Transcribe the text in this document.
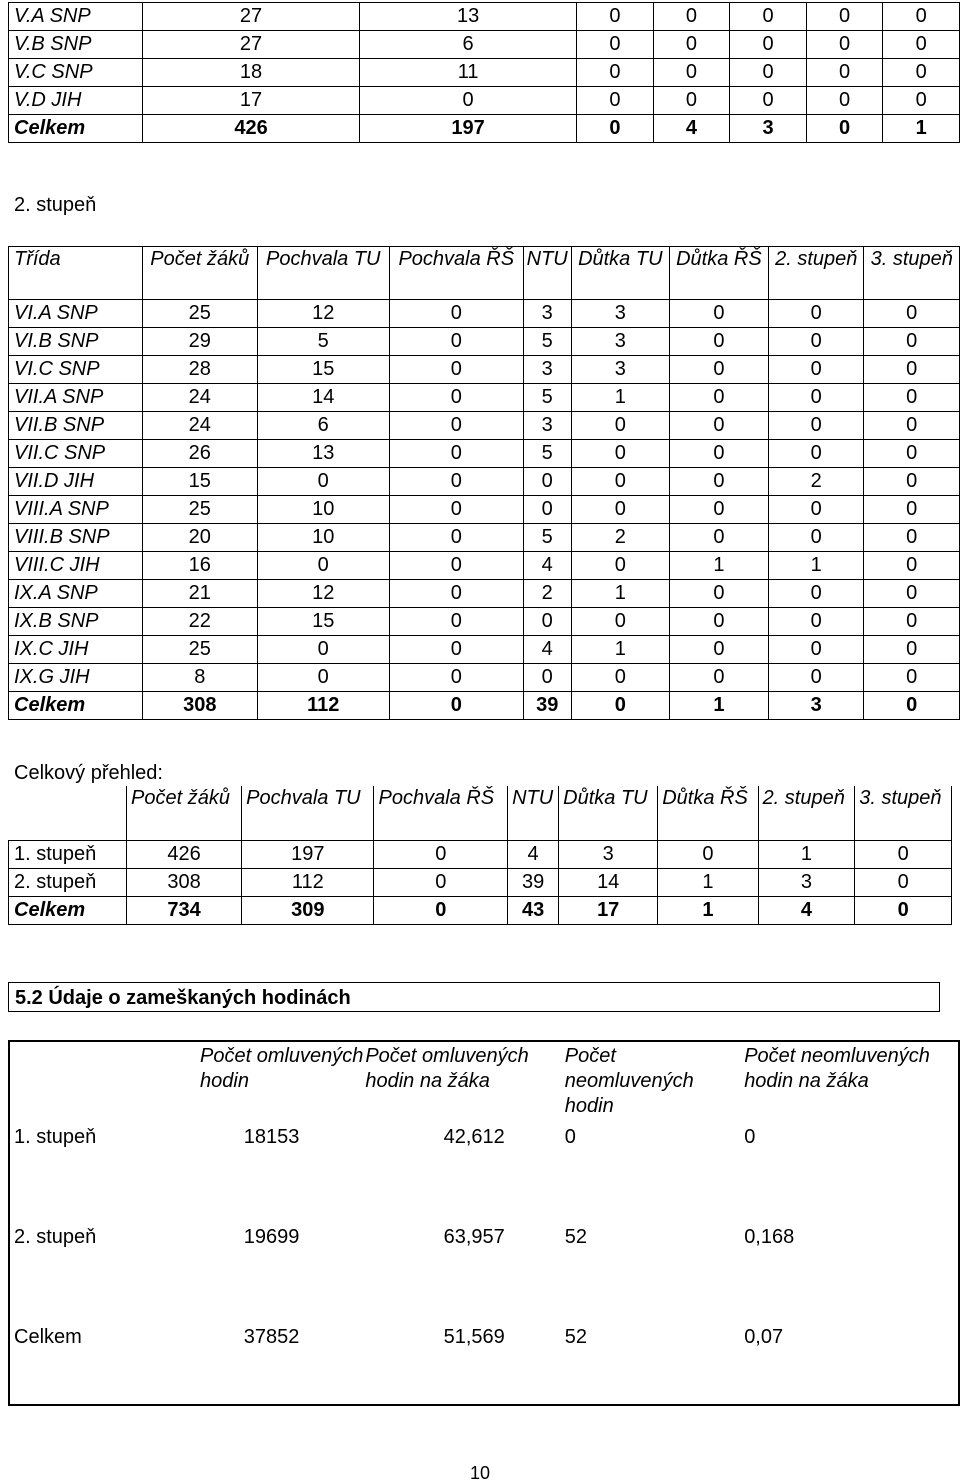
V.A SNP	27	13	0	0	0	0	0
V.B SNP	27	6	0	0	0	0	0
V.C SNP	18	11	0	0	0	0	0
V.D JIH	17	0	0	0	0	0	0
Celkem	426	197	0	4	3	0	1
2. stupeň
Třída	Počet žáků	Pochvala TU	Pochvala ŘŠ	NTU	Důtka TU	Důtka ŘŠ	2. stupeň	3. stupeň
VI.A SNP	25	12	0	3	3	0	0	0
VI.B SNP	29	5	0	5	3	0	0	0
VI.C SNP	28	15	0	3	3	0	0	0
VII.A SNP	24	14	0	5	1	0	0	0
VII.B SNP	24	6	0	3	0	0	0	0
VII.C SNP	26	13	0	5	0	0	0	0
VII.D JIH	15	0	0	0	0	0	2	0
VIII.A SNP	25	10	0	0	0	0	0	0
VIII.B SNP	20	10	0	5	2	0	0	0
VIII.C JIH	16	0	0	4	0	1	1	0
IX.A SNP	21	12	0	2	1	0	0	0
IX.B SNP	22	15	0	0	0	0	0	0
IX.C JIH	25	0	0	4	1	0	0	0
IX.G JIH	8	0	0	0	0	0	0	0
Celkem	308	112	0	39	0	1	3	0
Celkový přehled:
	Počet žáků	Pochvala TU	Pochvala ŘŠ	NTU	Důtka TU	Důtka ŘŠ	2. stupeň	3. stupeň
1. stupeň	426	197	0	4	3	0	1	0
2. stupeň	308	112	0	39	14	1	3	0
Celkem	734	309	0	43	17	1	4	0
5.2 Údaje o zameškaných hodinách
	Počet omluvených hodin	Počet omluvených hodin na žáka	Počet neomluvených hodin	Počet neomluvených hodin na žáka
1. stupeň	18153	42,612	0	0
2. stupeň	19699	63,957	52	0,168
Celkem	37852	51,569	52	0,07
10
